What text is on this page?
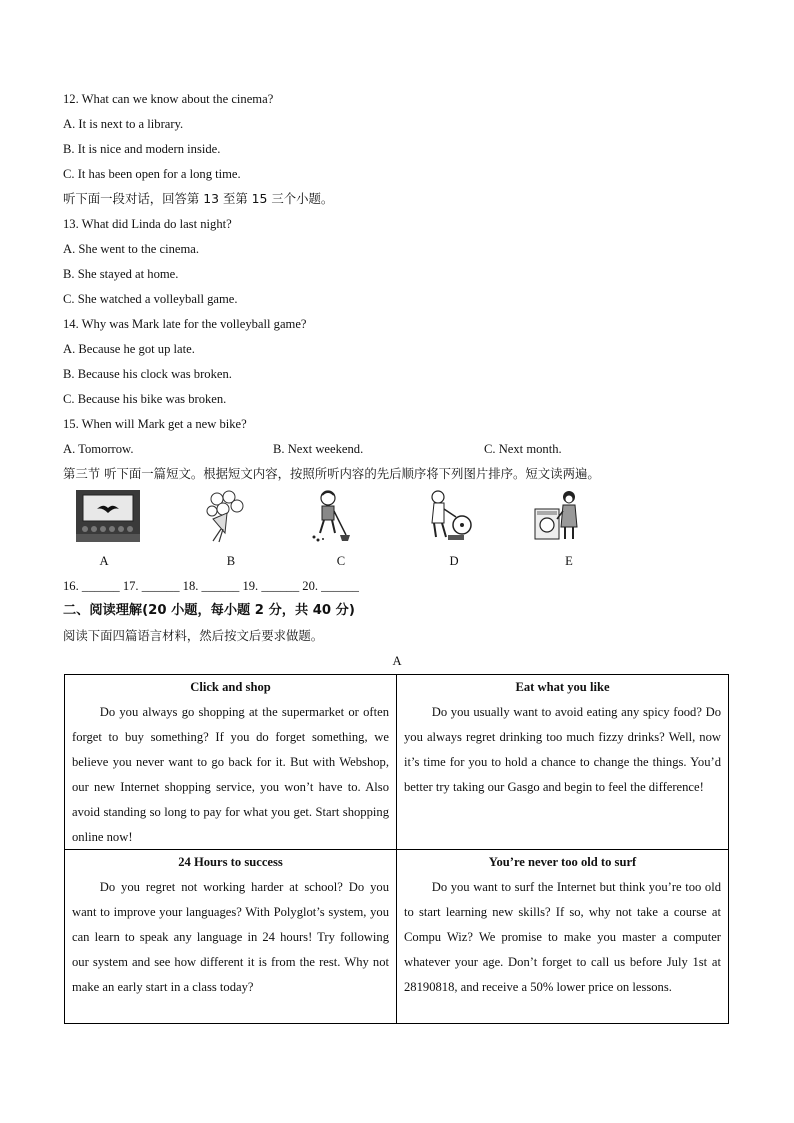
12. What can we know about the cinema?
A. It is next to a library.
B. It is nice and modern inside.
C. It has been open for a long time.
听下面一段对话，回答第 13 至第 15 三个小题。
13. What did Linda do last night?
A. She went to the cinema.
B. She stayed at home.
C. She watched a volleyball game.
14. Why was Mark late for the volleyball game?
A. Because he got up late.
B. Because his clock was broken.
C. Because his bike was broken.
15. When will Mark get a new bike?
A. Tomorrow.	B. Next weekend.	C. Next month.
第三节 听下面一篇短文。根据短文内容，按照所听内容的先后顺序将下列图片排序。短文读两遍。
A	B	C	D	E
16. ______ 17. ______ 18. ______ 19. ______ 20. ______
二、阅读理解(20 小题，每小题 2 分，共 40 分)
阅读下面四篇语言材料，然后按文后要求做题。
A
Click and shop

Do you always go shopping at the supermarket or often forget to buy something? If you do forget something, we believe you never want to go back for it. But with Webshop, our new Internet shopping service, you won’t have to. Also avoid standing so long to pay for what you get. Start shopping online now!

Eat what you like

Do you usually want to avoid eating any spicy food? Do you always regret drinking too much fizzy drinks? Well, now it’s time for you to hold a chance to change the things. You’d better try taking our Gasgo and begin to feel the difference!

24 Hours to success

Do you regret not working harder at school? Do you want to improve your languages? With Polyglot’s system, you can learn to speak any language in 24 hours! Try following our system and see how different it is from the rest. Why not make an early start in a class today?

You’re never too old to surf

Do you want to surf the Internet but think you’re too old to start learning new skills? If so, why not take a course at Compu Wiz? We promise to make you master a computer whatever your age. Don’t forget to call us before July 1st at 28190818, and receive a 50% lower price on lessons.
